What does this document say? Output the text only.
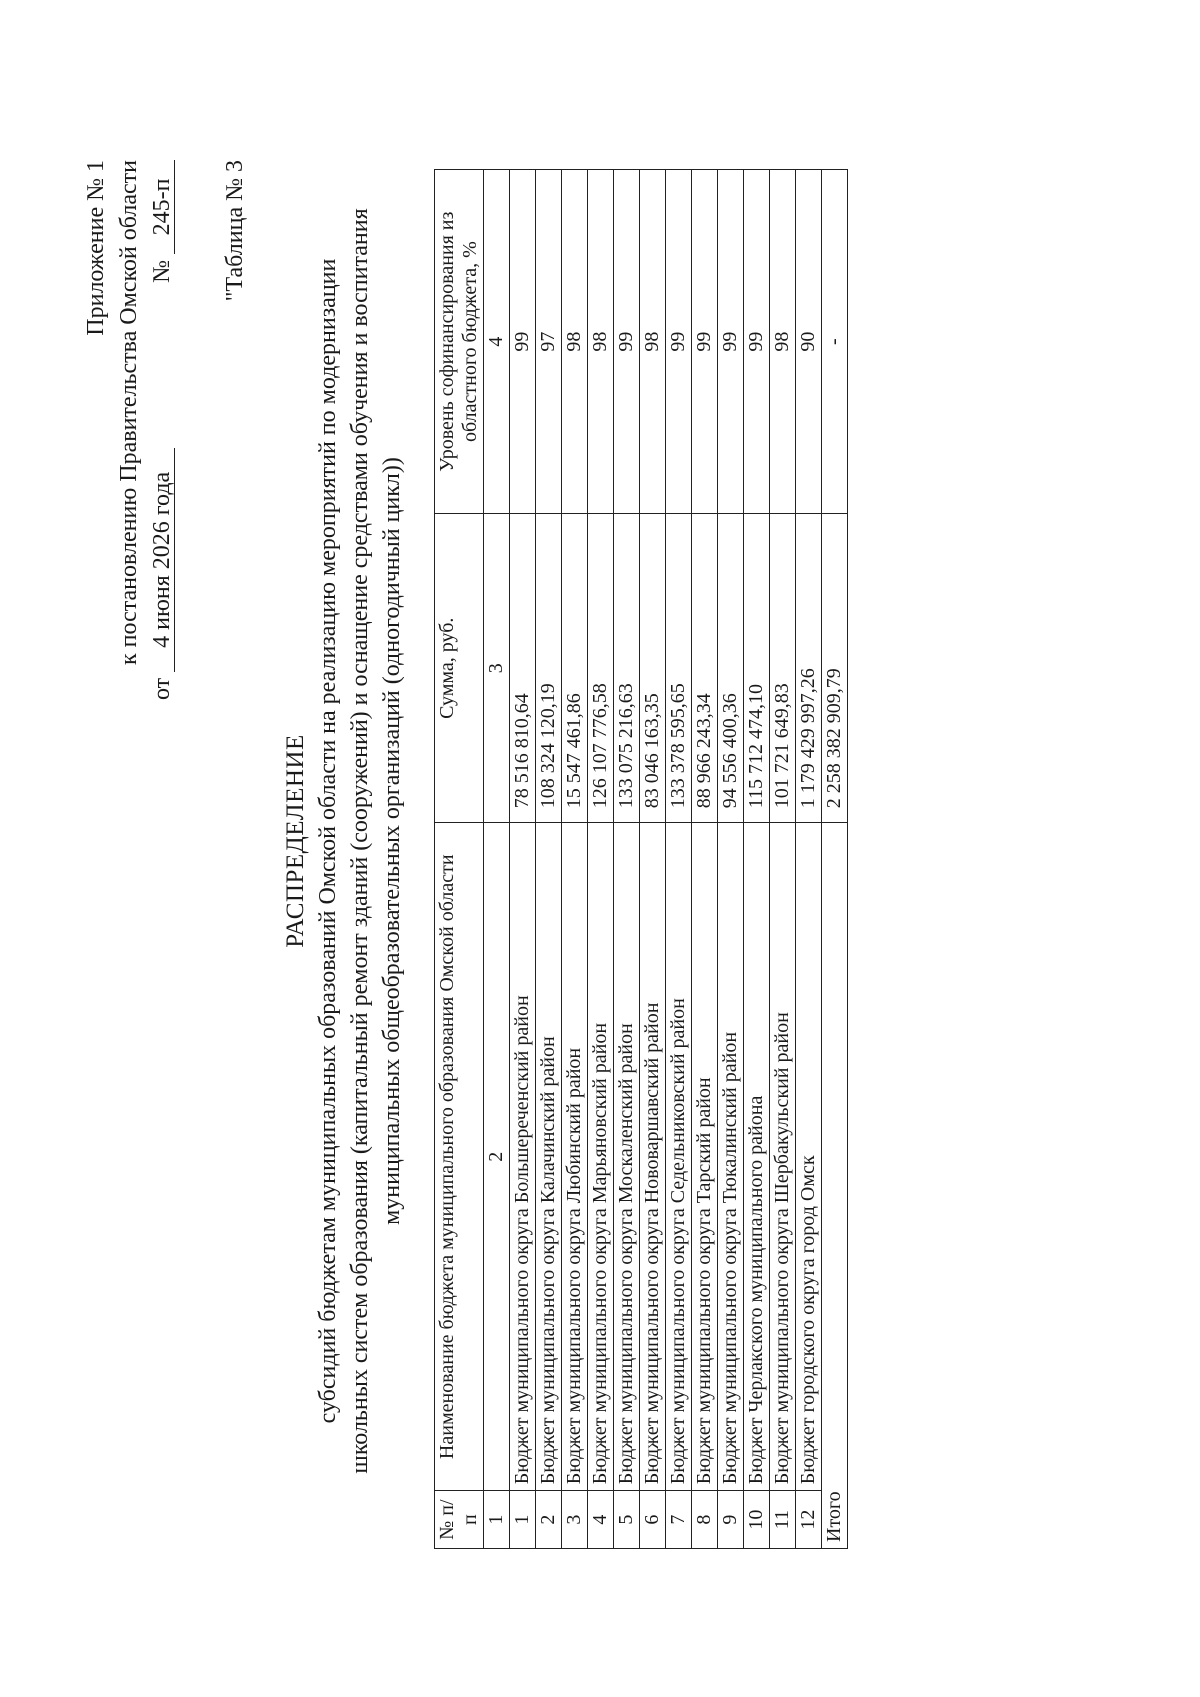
Приложение № 1 к постановлению Правительства Омской области
от 4 июня 2026 года
№ 245-п "Таблица № 3
РАСПРЕДЕЛЕНИЕ субсидий бюджетам муниципальных образований Омской области на реализацию мероприятий по модернизации школьных систем образования (капитальный ремонт зданий (сооружений) и оснащение средствами обучения и воспитания муниципальных общеобразовательных организаций (одногодичный цикл))
№ п/п	Наименование бюджета муниципального образования Омской области	Сумма, руб.	Уровень софинансирования из областного бюджета, %
1	2	3	4
1	Бюджет муниципального округа Большереченский район	78 516 810,64	99
2	Бюджет муниципального округа Калачинский район	108 324 120,19	97
3	Бюджет муниципального округа Любинский район	15 547 461,86	98
4	Бюджет муниципального округа Марьяновский район	126 107 776,58	98
5	Бюджет муниципального округа Москаленский район	133 075 216,63	99
6	Бюджет муниципального округа Нововаршавский район	83 046 163,35	98
7	Бюджет муниципального округа Седельниковский район	133 378 595,65	99
8	Бюджет муниципального округа Тарский район	88 966 243,34	99
9	Бюджет муниципального округа Тюкалинский район	94 556 400,36	99
10	Бюджет Черлакского муниципального района	115 712 474,10	99
11	Бюджет муниципального округа Шербакульский район	101 721 649,83	98
12	Бюджет городского округа город Омск	1 179 429 997,26	90
Итого		2 258 382 909,79	-
